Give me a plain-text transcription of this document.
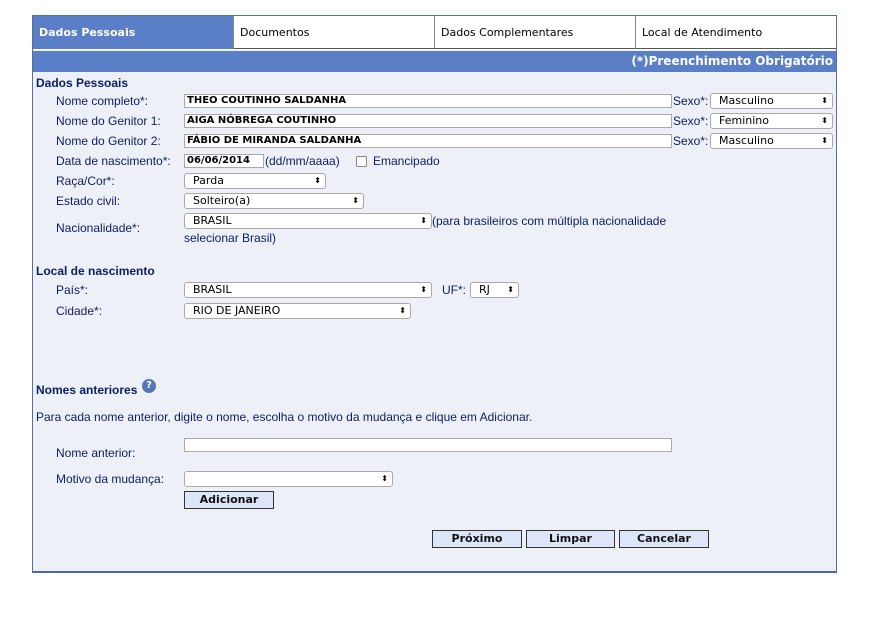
Dados Pessoais	Documentos	Dados Complementares	Local de Atendimento
(*)Preenchimento Obrigatório
Dados Pessoais
Nome completo*:	THEO COUTINHO SALDANHA	Sexo*: Masculino	⬍
Nome do Genitor 1:	AIGA NÓBREGA COUTINHO	Sexo*: Feminino	⬍
Nome do Genitor 2:	FÁBIO DE MIRANDA SALDANHA	Sexo*: Masculino	⬍
Data de nascimento*:	06/06/2014	(dd/mm/aaaa)	Emancipado
Raça/Cor*:	Parda	⬍
Estado civil:	Solteiro(a)	⬍
Nacionalidade*:
BRASIL	⬍ (para brasileiros com múltipla nacionalidade
selecionar Brasil)
Local de nascimento
País*:	BRASIL	⬍ UF*:	RJ ⬍
Cidade*:	RIO DE JANEIRO	⬍
Nomes anteriores ?
Para cada nome anterior, digite o nome, escolha o motivo da mudança e clique em Adicionar.
Nome anterior:
Motivo da mudança:	⬍
Adicionar
Próximo	Limpar	Cancelar
